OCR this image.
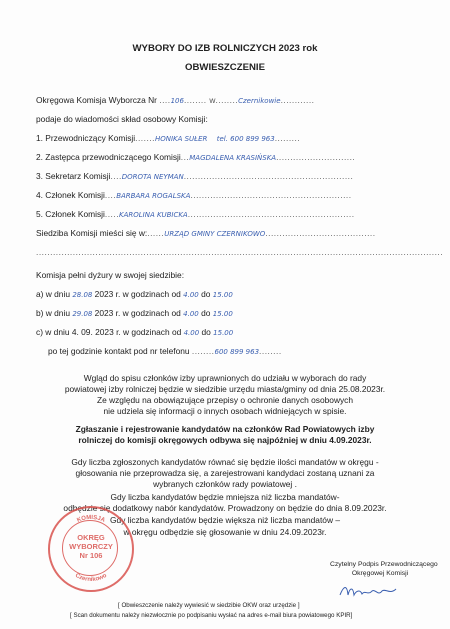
WYBORY DO IZB ROLNICZYCH 2023 rok
OBWIESZCZENIE
Okręgowa Komisja Wyborcza Nr ....106........ w........Czernikowie............
podaje do wiadomości skład osobowy Komisji:
1. Przewodniczący Komisji.......HONIKA SUŁER tel. 600 899 963.........
2. Zastępca przewodniczącego Komisji...MAGDALENA KRASIŃSKA............................
3. Sekretarz Komisji....DOROTA NEYMAN............................................................
4. Członek Komisji....BARBARA ROGALSKA.........................................................
5. Członek Komisji.....KAROLINA KUBICKA...........................................................
Siedziba Komisji mieści się w:......URZĄD GMINY CZERNIKOWO.......................................
................................................................................................................................................
Komisja pełni dyżury w swojej siedzibie:
a) w dniu 28.08 2023 r. w godzinach od 4.00 do 15.00
b) w dniu 29.08 2023 r. w godzinach od 4.00 do 15.00
c) w dniu 4. 09. 2023 r. w godzinach od 4.00 do 15.00
po tej godzinie kontakt pod nr telefonu ........600 899 963........
Wgląd do spisu członków izby uprawnionych do udziału w wyborach do rady
powiatowej izby rolniczej będzie w siedzibie urzędu miasta/gminy od dnia 25.08.2023r.
Ze względu na obowiązujące przepisy o ochronie danych osobowych
nie udziela się informacji o innych osobach widniejących w spisie.
Zgłaszanie i rejestrowanie kandydatów na członków Rad Powiatowych izby
rolniczej do komisji okręgowych odbywa się najpóźniej w dniu 4.09.2023r.
Gdy liczba zgłoszonych kandydatów równać się będzie ilości mandatów w okręgu -
głosowania nie przeprowadza się, a zarejestrowani kandydaci zostaną uznani za
wybranych członków rady powiatowej .
Gdy liczba kandydatów będzie mniejsza niż liczba mandatów-
odbędzie się dodatkowy nabór kandydatów. Prowadzony on będzie do dnia 8.09.2023r.
Gdy liczba kandydatów będzie większa niż liczba mandatów –
w okręgu odbędzie się głosowanie w dniu 24.09.2023r.
KOMISJA
Czernikowo
OKRĘG
WYBORCZY
Nr 106
Czytelny Podpis Przewodniczącego
Okręgowej Komisji
[ Obwieszczenie należy wywiesić w siedzibie OKW oraz urzędzie ]
[ Scan dokumentu należy niezwłocznie po podpisaniu wysłać na adres e-mail biura powiatowego KPIR]
